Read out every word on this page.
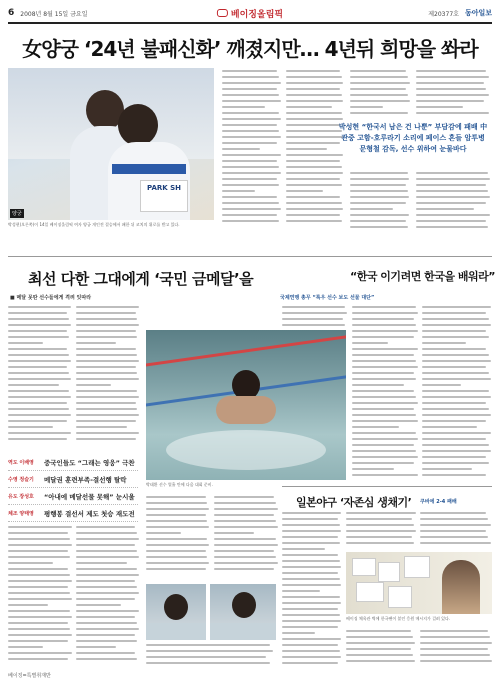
6 2008년 8월 15일 금요일	베이징올림픽	제20377호 동아일보
女양궁 ‘24년 불패신화’ 깨졌지만… 4년뒤 희망을 쏴라
PARK SH
양궁
박성현(오른쪽)이 14일 베이징올림픽 여자 양궁 개인전 결승에서 패한 뒤 코치의 위로를 받고 있다.
박성현 “한국서 남은 건 나뿐” 부담감에 패배 中 관중 고함-호루라기 소리에 페이스 흔들 암투병 문형철 감독, 선수 위하여 눈물바다
최선 다한 그대에게 ‘국민 금메달’을
■ 메달 못딴 선수들에게 격려 잇따라
역도 이배영	중국인들도 “그래는 영웅” 극찬
수영 정슬기	메달권 훈련부족-결선행 탈락
유도 장성호	“아내에 메달선물 못해” 눈시울
체조 양태영	평행봉 결선서 제도 첫승 재도전
박태환 선수 열흘 만에 다음 대회 준비.
“한국 이기려면 한국을 배워라”
국제연맹 총무 “록우 선수 보도 선물 대단”
일본야구 ‘자존심 생채기’ 쿠바에 2-4 패배
베이징 체육관 벽에 한국팬이 붙인 응원 메시지가 걸려 있다.
베이징=특별취재반
